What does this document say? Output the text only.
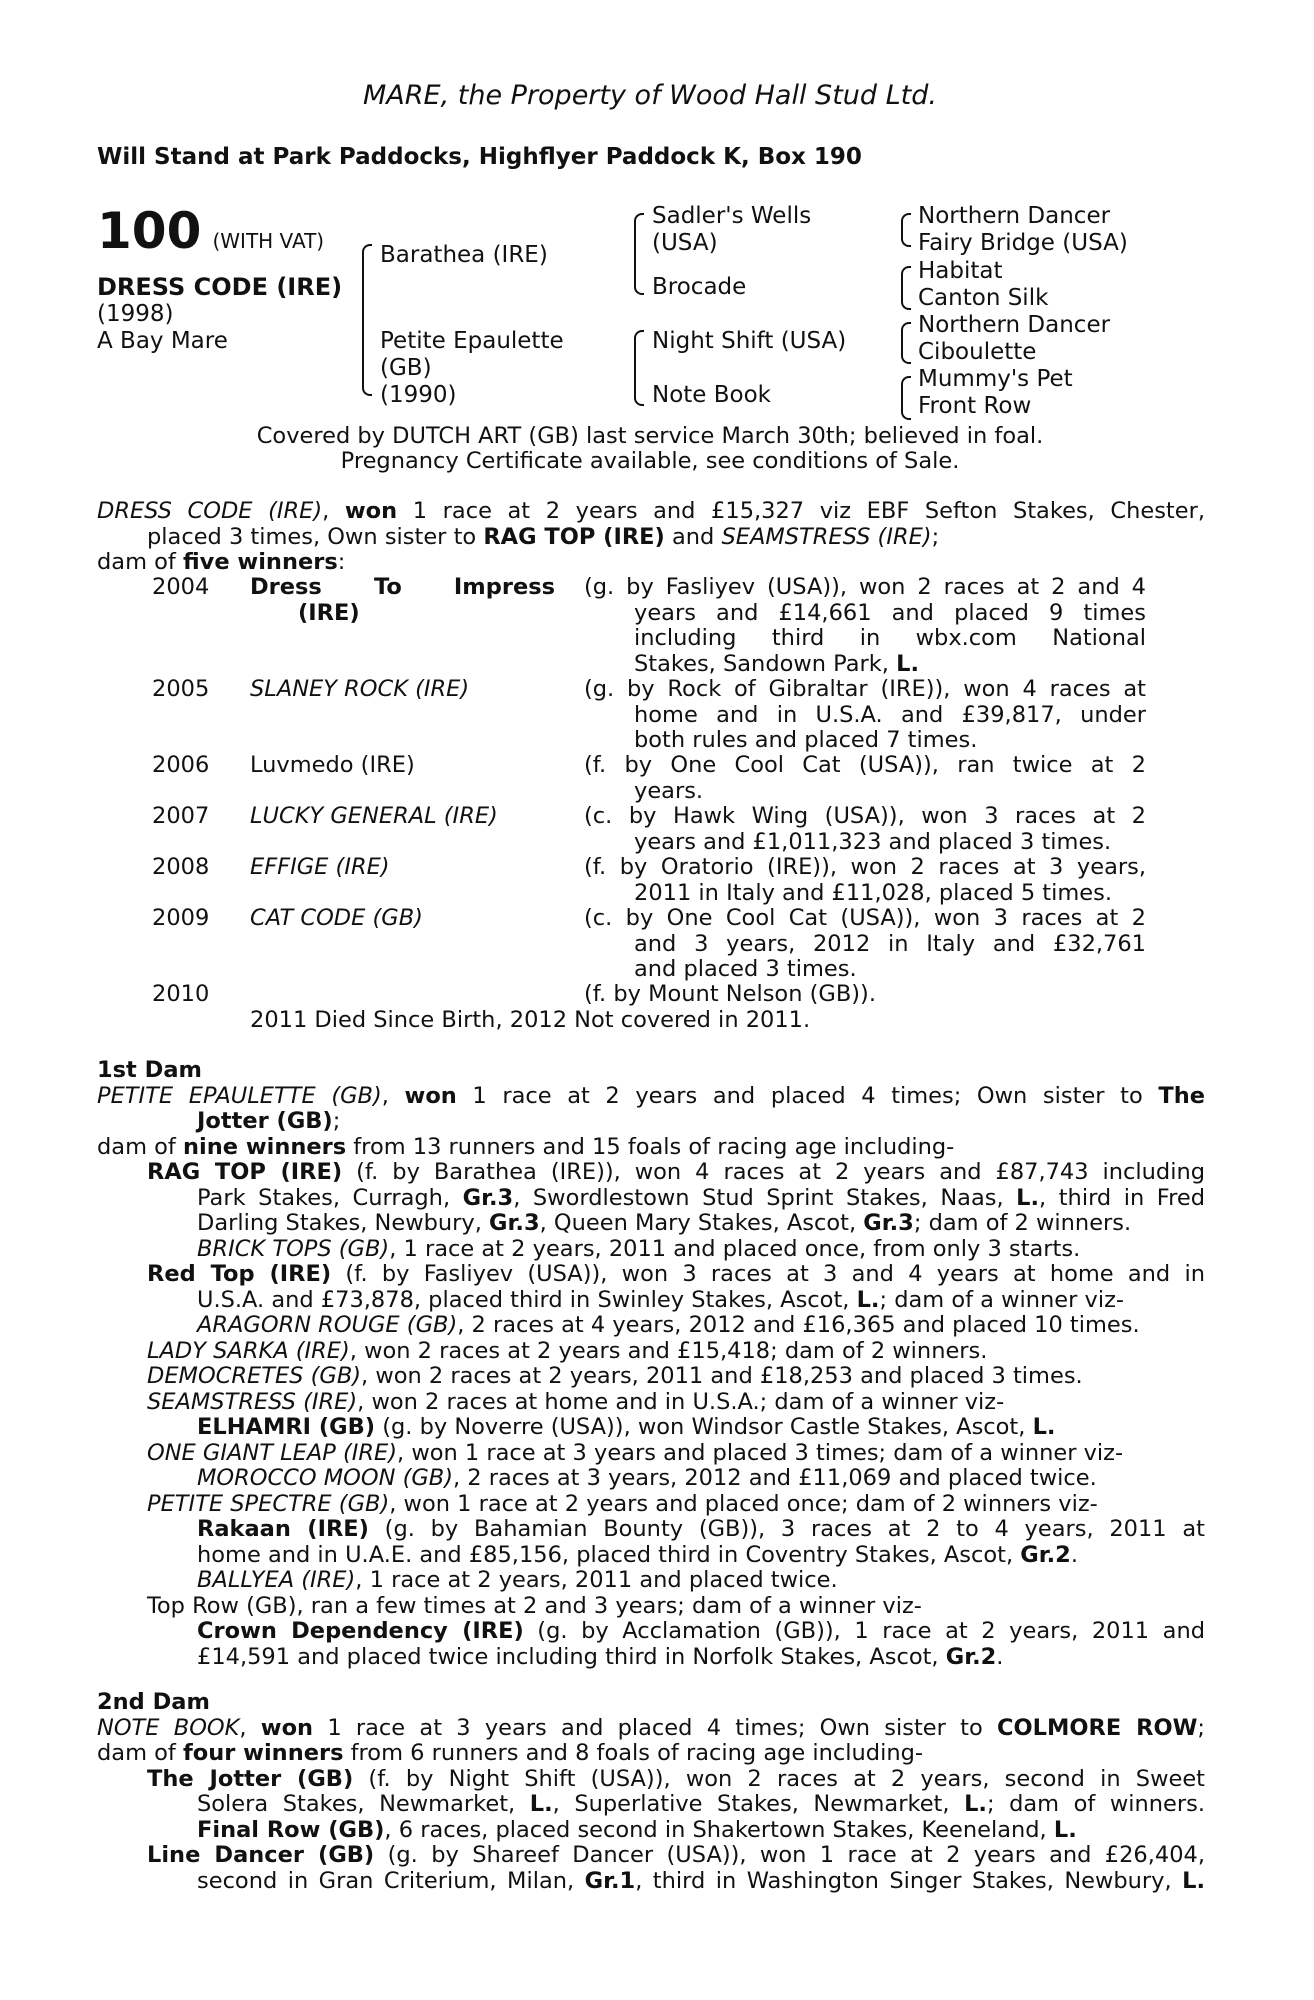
MARE, the Property of Wood Hall Stud Ltd.
Will Stand at Park Paddocks, Highflyer Paddock K, Box 190
100 (WITH VAT)
DRESS CODE (IRE)
(1998)
A Bay Mare
Barathea (IRE)
Petite Epaulette
(GB)
(1990)
Sadler's Wells
(USA)
Brocade
Night Shift (USA)
Note Book
Northern Dancer
Fairy Bridge (USA)
Habitat
Canton Silk
Northern Dancer
Ciboulette
Mummy's Pet
Front Row
Covered by DUTCH ART (GB) last service March 30th; believed in foal.
Pregnancy Certificate available, see conditions of Sale.
DRESS CODE (IRE), won 1 race at 2 years and £15,327 viz EBF Sefton Stakes, Chester,
placed 3 times, Own sister to RAG TOP (IRE) and SEAMSTRESS (IRE);
dam of five winners:
2004 Dress To Impress
(IRE)
(g. by Fasliyev (USA)), won 2 races at 2 and 4
years and £14,661 and placed 9 times
including third in wbx.com National
Stakes, Sandown Park, L.
2005 SLANEY ROCK (IRE)	(g. by Rock of Gibraltar (IRE)), won 4 races at
home and in U.S.A. and £39,817, under
both rules and placed 7 times.
2006 Luvmedo (IRE)	(f. by One Cool Cat (USA)), ran twice at 2
years.
2007 LUCKY GENERAL (IRE)	(c. by Hawk Wing (USA)), won 3 races at 2
years and £1,011,323 and placed 3 times.
2008 EFFIGE (IRE)	(f. by Oratorio (IRE)), won 2 races at 3 years,
2011 in Italy and £11,028, placed 5 times.
2009 CAT CODE (GB)	(c. by One Cool Cat (USA)), won 3 races at 2
and 3 years, 2012 in Italy and £32,761
and placed 3 times.
2010	(f. by Mount Nelson (GB)).
2011 Died Since Birth, 2012 Not covered in 2011.
1st Dam
PETITE EPAULETTE (GB), won 1 race at 2 years and placed 4 times; Own sister to The
Jotter (GB);
dam of nine winners from 13 runners and 15 foals of racing age including-
RAG TOP (IRE) (f. by Barathea (IRE)), won 4 races at 2 years and £87,743 including
Park Stakes, Curragh, Gr.3, Swordlestown Stud Sprint Stakes, Naas, L., third in Fred
Darling Stakes, Newbury, Gr.3, Queen Mary Stakes, Ascot, Gr.3; dam of 2 winners.
BRICK TOPS (GB), 1 race at 2 years, 2011 and placed once, from only 3 starts.
Red Top (IRE) (f. by Fasliyev (USA)), won 3 races at 3 and 4 years at home and in
U.S.A. and £73,878, placed third in Swinley Stakes, Ascot, L.; dam of a winner viz-
ARAGORN ROUGE (GB), 2 races at 4 years, 2012 and £16,365 and placed 10 times.
LADY SARKA (IRE), won 2 races at 2 years and £15,418; dam of 2 winners.
DEMOCRETES (GB), won 2 races at 2 years, 2011 and £18,253 and placed 3 times.
SEAMSTRESS (IRE), won 2 races at home and in U.S.A.; dam of a winner viz-
ELHAMRI (GB) (g. by Noverre (USA)), won Windsor Castle Stakes, Ascot, L.
ONE GIANT LEAP (IRE), won 1 race at 3 years and placed 3 times; dam of a winner viz-
MOROCCO MOON (GB), 2 races at 3 years, 2012 and £11,069 and placed twice.
PETITE SPECTRE (GB), won 1 race at 2 years and placed once; dam of 2 winners viz-
Rakaan (IRE) (g. by Bahamian Bounty (GB)), 3 races at 2 to 4 years, 2011 at
home and in U.A.E. and £85,156, placed third in Coventry Stakes, Ascot, Gr.2.
BALLYEA (IRE), 1 race at 2 years, 2011 and placed twice.
Top Row (GB), ran a few times at 2 and 3 years; dam of a winner viz-
Crown Dependency (IRE) (g. by Acclamation (GB)), 1 race at 2 years, 2011 and
£14,591 and placed twice including third in Norfolk Stakes, Ascot, Gr.2.
2nd Dam
NOTE BOOK, won 1 race at 3 years and placed 4 times; Own sister to COLMORE ROW;
dam of four winners from 6 runners and 8 foals of racing age including-
The Jotter (GB) (f. by Night Shift (USA)), won 2 races at 2 years, second in Sweet
Solera Stakes, Newmarket, L., Superlative Stakes, Newmarket, L.; dam of winners.
Final Row (GB), 6 races, placed second in Shakertown Stakes, Keeneland, L.
Line Dancer (GB) (g. by Shareef Dancer (USA)), won 1 race at 2 years and £26,404,
second in Gran Criterium, Milan, Gr.1, third in Washington Singer Stakes, Newbury, L.
